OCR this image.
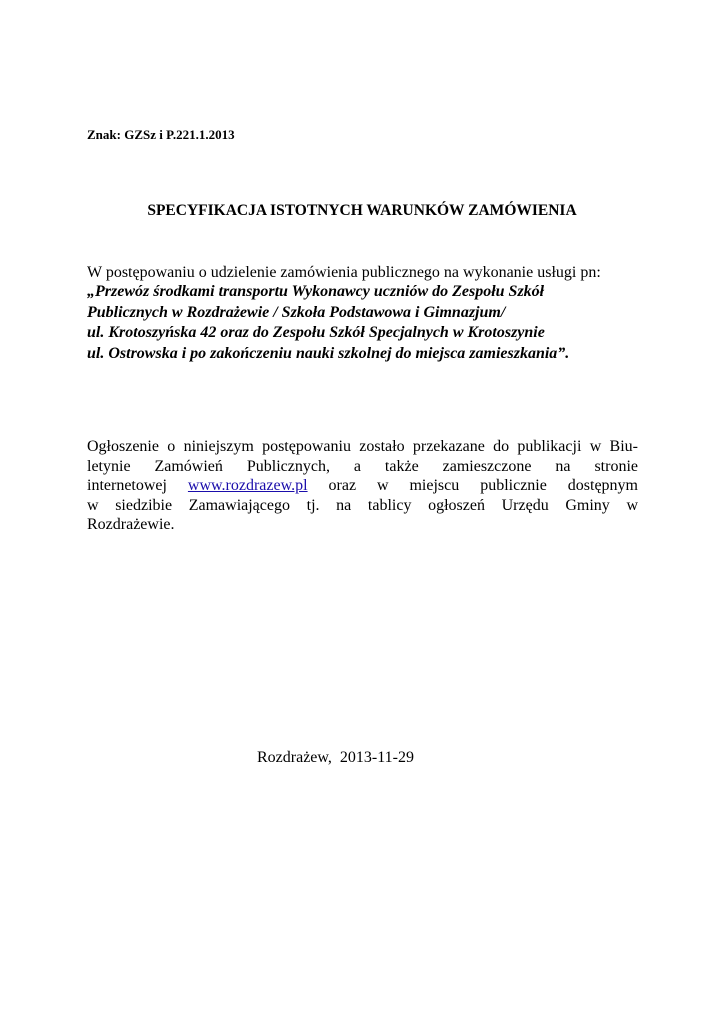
Znak: GZSz i P.221.1.2013
SPECYFIKACJA ISTOTNYCH WARUNKÓW ZAMÓWIENIA
W postępowaniu o udzielenie zamówienia publicznego na wykonanie usługi pn:
„Przewóz środkami transportu Wykonawcy uczniów do Zespołu Szkół
Publicznych w Rozdrażewie / Szkoła Podstawowa i Gimnazjum/
ul. Krotoszyńska 42 oraz do Zespołu Szkół Specjalnych w Krotoszynie
ul. Ostrowska i po zakończeniu nauki szkolnej do miejsca zamieszkania”.
Ogłoszenie o niniejszym postępowaniu zostało przekazane do publikacji w Biu-
letynie Zamówień Publicznych, a także zamieszczone na stronie
internetowej www.rozdrazew.pl oraz w miejscu publicznie dostępnym
w siedzibie Zamawiającego tj. na tablicy ogłoszeń Urzędu Gminy w
Rozdrażewie.
Rozdrażew,  2013-11-29
